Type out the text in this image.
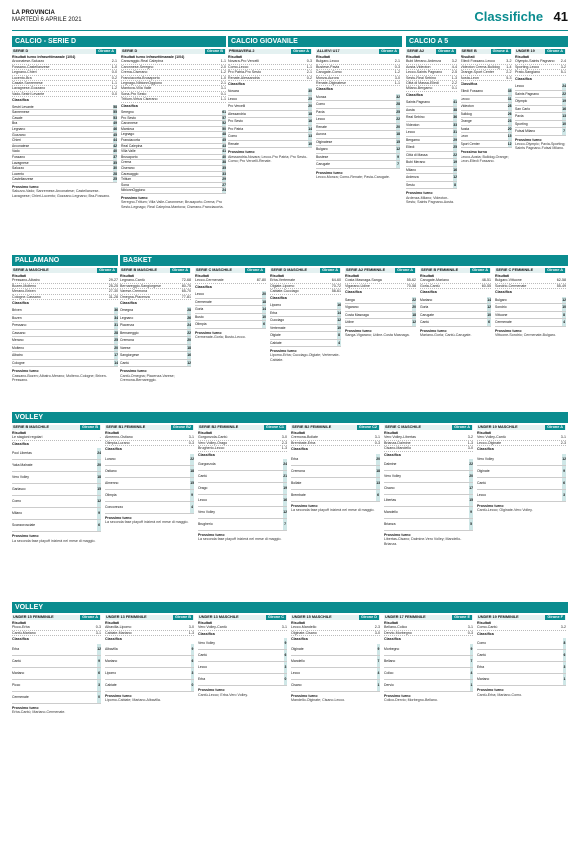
LA PROVINCIA
MARTEDÌ 6 APRILE 2021	Classifiche 41
CALCIO - SERIE D	CALCIO GIOVANILE	CALCIO A 5
PALLAMANO	BASKET
VOLLEY
VOLLEY
SERIE D	Girone A
Risultati turno infrasettimanale (1/04)
Arconatese-Saluzzo	2-1
Fossano-Castellanzese	1-0
Legnano-Chieri	0-0
Lucento-Bra	0-2
Casale-Sanremese	1-1
Lavagnese-Gozzano	1-2
Vado-Sestri Levante	0-0
Classifica
Sestri Levante	58
Sanremese	55
Casale	53
Bra	49
Legnano	46
Gozzano	45
Chieri	44
Arconatese	42
Vado	40
Fossano	37
Lavagnese	35
Saluzzo	30
Lucento	28
Castellanzese	25
Prossimo turno
Saluzzo-Vado; Sanremese-Arconatese; Castellanzese-Lavagnese; Chieri-Lucento; Gozzano-Legnano; Bra-Fossano.
SERIE D	Girone B
Risultati turno infrasettimanale (1/04)
Caravaggio-Real Calepina	1-1
Caronnese-Seregno	2-0
Crema-Ciserano	1-2
Franciacorta-Brusaporto	1-0
Legnago-NibionnOggiono	2-1
Mantova-Villa Valle	3-1
Sona-Pro Sesto	0-1
Tritium-Virtus Ciserano	1-1
Classifica
Seregno	61
Pro Sesto	57
Caronnese	52
Mantova	50
Legnago	48
Franciacorta	45
Real Calepina	43
Villa Valle	41
Brusaporto	40
Crema	38
Ciserano	35
Caravaggio	33
Tritium	29
Sona	27
NibionnOggiono	24
Prossimo turno
Seregno-Tritium; Villa Valle-Caronnese; Brusaporto-Crema; Pro Sesto-Legnago; Real Calepina-Mantova; Ciserano-Franciacorta.
PRIMAVERA 2	Girone A
Risultati
Novara-Pro Vercelli	0-3
Como-Lecco	1-1
Pro Patria-Pro Sesto	2-1
Renate-Alessandria	0-2
Classifica
Novara	30
Lecco	25
Pro Vercelli	20
Alessandria	18
Pro Sesto	16
Pro Patria	14
Como	13
Renate	10
Prossimo turno
Alessandria-Novara; Lecco-Pro Patria; Pro Sesto-Como; Pro Vercelli-Renate.
ALLIEVI U17	Girone A
Risultati
Bulgaro-Lecco	2-1
Bustese-Pavia	0-3
Carugate-Como	1-2
Monza-Aurora	3-0
Renate-Olginatese	1-1
Classifica
Monza	32
Como	28
Pavia	25
Lecco	22
Renate	20
Aurora	18
Olginatese	15
Bulgaro	12
Bustese	9
Carugate	7
Prossimo turno
Lecco-Monza; Como-Renate; Pavia-Carugate.
SERIE A2	Girone A
Risultati
Bubi Merano-Ardenza	3-2
Aosta-Videoton	4-4
Lecco-Saints Pagnano	2-5
Sestu-Real Sebino	1-3
Città di Massa-Elledì	2-2
Milano-Bergamo	0-1
Classifica
Saints Pagnano	41
Aosta	38
Real Sebino	36
Videoton	33
Lecco	31
Bergamo	29
Elledì	25
Città di Massa	22
Bubi Merano	19
Milano	16
Ardenza	12
Sestu	8
Prossimo turno
Ardenza-Milano; Videoton-Sestu; Saints Pagnano-Aosta.
SERIE B	Girone A
Risultati
Elledì Fossano-Lecco	3-2
Videoton Crema-Bulldog 1-4
Orange-Sport Center	2-2
Aosta-Leon	5-3
Classifica
Elledì Fossano	35
Lecco	31
Videoton	28
Bulldog	26
Orange	23
Aosta	20
Leon	15
Sport Center	12
Prossimo turno
Lecco-Aosta; Bulldog-Orange; Leon-Elledì Fossano.
UNDER 19	Girone A
Risultati
Olympic-Saints Pagnano 2-4
Sporting-Lecco	3-2
Prato-Sangiano	5-1
Classifica
Lecco	24
Saints Pagnano	22
Olympic	19
San Carlo	16
Pavia	13
Sporting	10
Futsal Milano	7
Prossimo turno
Lecco-Olympic; Pavia-Sporting; Saints Pagnano-Futsal Milano.
SERIE A MASCHILE	Girone A
Risultati
Pressano-Albatro	29-27
Bozen-Molteno	25-25
Merano-Brixen	27-30
Cologne-Cassano	31-28
Classifica
Brixen	36
Bozen	34
Pressano	31
Cassano	28
Merano	25
Molteno	20
Albatro	17
Cologne	14
Prossimo turno
Cassano-Bozen; Albatro-Merano; Molteno-Cologne; Brixen-Pressano.
SERIE B MASCHILE	Girone A
Risultati
Legnano-Cantù	72-68
Bernareggio-Sangiorgese	80-75
Varese-Cremona	65-70
Omegna-Piacenza	77-81
Classifica
Omegna	28
Legnano	26
Piacenza	24
Bernareggio	22
Cremona	20
Varese	18
Sangiorgese	16
Cantù	12
Prossimo turno
Cantù-Omegna; Piacenza-Varese; Cremona-Bernareggio.
SERIE C MASCHILE	Girone A
Risultati
Lecco-Cermenate	87-80
Classifica
Lecco	20
Cermenate	18
Gorla	14
Busto	10
Olimpia	6
Prossimo turno
Cermenate-Gorla; Busto-Lecco.
SERIE D MASCHILE	Girone A
Risultati
Erba-Vertemate	64-60
Olgiate-Lipomo	70-72
Cabiate-Cucciago	58-61
Classifica
Lipomo	16
Erba	14
Cucciago	12
Vertemate	10
Olgiate	8
Cabiate	4
Prossimo turno
Lipomo-Erba; Cucciago-Olgiate; Vertemate-Cabiate.
SERIE A2 FEMMINILE	Girone A
Risultati
Costa Masnaga-Sanga	55-62
Vigarano-Udine	70-58
Classifica
Sanga	22
Vigarano	20
Costa Masnaga	18
Udine	12
Prossimo turno
Sanga-Vigarano; Udine-Costa Masnaga.
SERIE B FEMMINILE	Girone A
Risultati
Carugate-Mariano	48-51
Gorla-Cantù	60-55
Classifica
Mariano	14
Gorla	12
Carugate	10
Cantù	6
Prossimo turno
Mariano-Gorla; Cantù-Carugate.
SERIE C FEMMINILE	Girone A
Risultati
Bulgaro-Vittuone	62-58
Sondrio-Cermenate	55-49
Classifica
Bulgaro	12
Sondrio	10
Vittuone	8
Cermenate	4
Prossimo turno
Vittuone-Sondrio; Cermenate-Bulgaro.
SERIE B MASCHILE	Girone B
Risultati
Le stagioni regolari	-
Classifica
Pool Libertas	24
Yaka Malnate	20
Vero Volley	18
Garlasco	15
Como	12
Milano	9
Scanzorosciate	6
Prossimo turno
La seconda fase playoff inizierà nel mese di maggio.
SERIE B1 FEMMINILE	Girone B2
Risultati
Almenno-Ostiano	3-1
Olimpia-Lurano	0-3
Classifica
Lurano	22
Ostiano	18
Almenno	15
Olimpia	9
Concorezzo	4
Prossimo turno
La seconda fase playoff inizierà nel mese di maggio.
SERIE B2 FEMMINILE	Girone C1
Risultati
Gorgonzola-Cantù	3-0
Vero Volley-Orago	2-3
Brugherio-Lecco	1-3
Classifica
Gorgonzola	24
Cantù	21
Orago	19
Lecco	16
Vero Volley	12
Brugherio	7
Prossimo turno
La seconda fase playoff inizierà nel mese di maggio.
SERIE B2 FEMMINILE	Girone C2
Risultati
Cremona-Bollate	3-1
Brembate-Erba	0-3
Classifica
Erba	20
Cremona	18
Bollate	13
Brembate	6
Prossimo turno
La seconda fase playoff inizierà nel mese di maggio.
SERIE C MASCHILE	Girone A
Risultati
Vero Volley-Libertas	3-2
Brianza-Dalmine	1-3
Cisano-Mandello	3-0
Classifica
Dalmine	22
Vero Volley	20
Cisano	17
Libertas	15
Mandello	9
Brianza	5
Prossimo turno
Libertas-Cisano; Dalmine-Vero Volley; Mandello-Brianza.
UNDER 19 MASCHILE	Girone A
Risultati
Vero Volley-Cantù	3-1
Lecco-Olginate	2-3
Classifica
Vero Volley	12
Olginate	9
Cantù	6
Lecco	3
Prossimo turno
Cantù-Lecco; Olginate-Vero Volley.
UNDER 15 FEMMINILE	Girone A
Risultati
Picco-Erba	0-3
Cantù-Mariano	3-1
Classifica
Erba	12
Cantù	9
Mariano	6
Picco	3
Cermenate	0
Prossimo turno
Erba-Cantù; Mariano-Cermenate.
UNDER 13 FEMMINILE	Girone B
Risultati
Albavilla-Lipomo	3-0
Cabiate-Mariano	1-3
Classifica
Albavilla	9
Mariano	6
Lipomo	3
Cabiate	0
Prossimo turno
Lipomo-Cabiate; Mariano-Albavilla.
UNDER 13 MASCHILE	Girone C
Risultati
Vero Volley-Cantù	3-1
Classifica
Vero Volley	9
Cantù	6
Lecco	3
Erba	0
Prossimo turno
Cantù-Lecco; Erba-Vero Volley.
UNDER 15 MASCHILE	Girone D
Risultati
Lecco-Mandello	2-3
Olginate-Cisano	3-0
Classifica
Olginate	9
Mandello	7
Lecco	4
Cisano	1
Prossimo turno
Mandello-Olginate; Cisano-Lecco.
UNDER 17 FEMMINILE	Girone E
Risultati
Bellano-Colico	3-1
Dervio-Morbegno	0-3
Classifica
Morbegno	9
Bellano	7
Colico	4
Dervio	1
Prossimo turno
Colico-Dervio; Morbegno-Bellano.
UNDER 19 FEMMINILE	Girone F
Risultati
Como-Cantù	3-2
Classifica
Como	8
Cantù	6
Erba	3
Mariano	1
Prossimo turno
Cantù-Erba; Mariano-Como.
